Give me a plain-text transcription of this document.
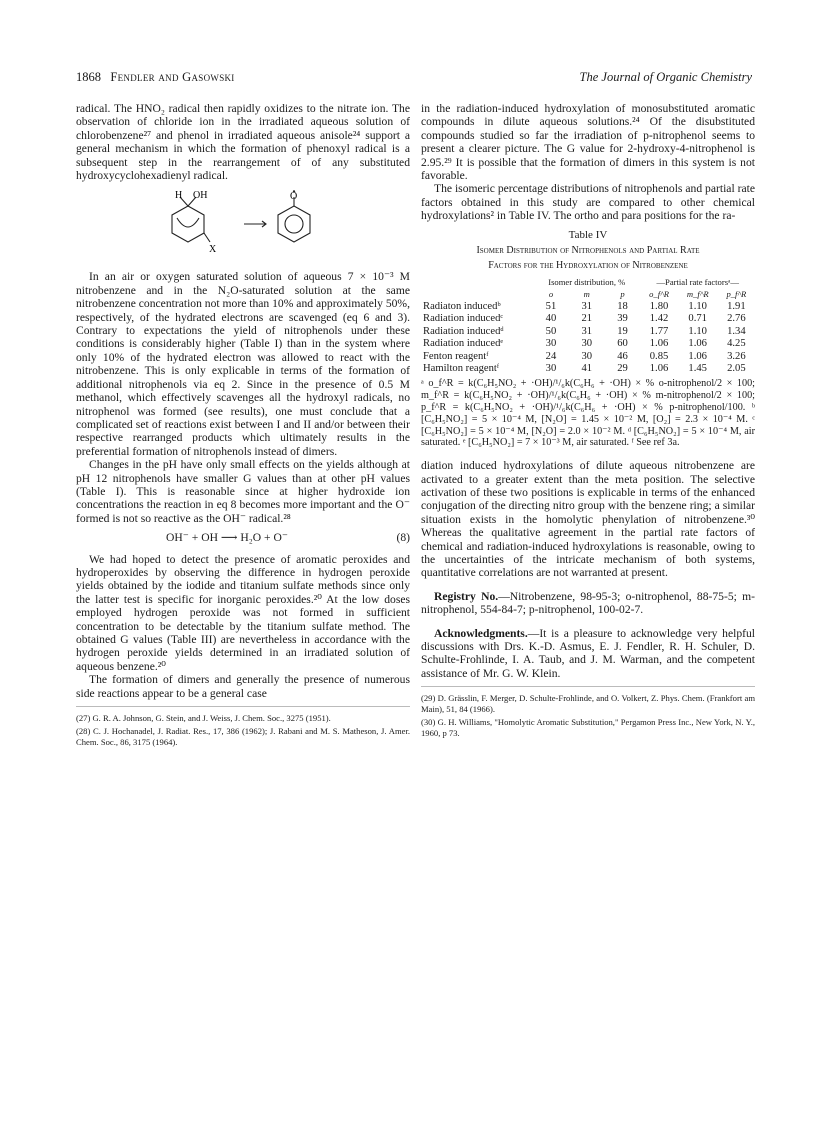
1868 Fendler and Gasowski	The Journal of Organic Chemistry

radical. The HNO₂ radical then rapidly oxidizes to the nitrate ion. The observation of chloride ion in the irradiated aqueous solution of chlorobenzene²⁷ and phenol in irradiated aqueous anisole²⁴ support a general mechanism in which the formation of phenoxyl radical is a subsequent step in the rearrangement of of any substituted hydroxycyclohexadienyl radical.

H OH
X
O

In an air or oxygen saturated solution of aqueous 7 × 10⁻³ M nitrobenzene and in the N₂O-saturated solution at the same nitrobenzene concentration not more than 10% and approximately 50%, respectively, of the hydrated electrons are scavenged (eq 6 and 3). Contrary to expectations the yield of nitrophenols under these conditions is considerably higher (Table I) than in the system where only 10% of the hydrated electron was allowed to react with the nitrobenzene. This is only explicable in terms of the formation of additional nitrophenols via eq 2. Since in the presence of 0.5 M methanol, which effectively scavenges all the hydroxyl radicals, no nitrophenol was formed (see results), one must conclude that a complicated set of reactions exist between I and II and/or between their respective rearranged products which ultimately results in the preferential formation of nitrophenols instead of dimers.

Changes in the pH have only small effects on the yields although at pH 12 nitrophenols have smaller G values than at other pH values (Table I). This is reasonable since at higher hydroxide ion concentrations the reaction in eq 8 becomes more important and the O⁻ formed is not so reactive as the OH⁻ radical.²⁸

OH⁻ + OH ⟶ H₂O + O⁻	(8)

We had hoped to detect the presence of aromatic peroxides and hydroperoxides by observing the difference in hydrogen peroxide yields obtained by the iodide and titanium sulfate methods since only the latter test is specific for inorganic peroxides.²⁰ At the low doses employed hydrogen peroxide was not formed in sufficient concentration to be detectable by the titanium sulfate method. The obtained G values (Table III) are nevertheless in accordance with the hydrogen peroxide yields determined in an irradiated solution of aqueous benzene.²⁰

The formation of dimers and generally the presence of numerous side reactions appear to be a general case

(27) G. R. A. Johnson, G. Stein, and J. Weiss, J. Chem. Soc., 3275 (1951).

(28) C. J. Hochanadel, J. Radiat. Res., 17, 386 (1962); J. Rabani and M. S. Matheson, J. Amer. Chem. Soc., 86, 3175 (1964).

in the radiation-induced hydroxylation of monosubstituted aromatic compounds in dilute aqueous solutions.²⁴ Of the disubstituted compounds studied so far the irradiation of p-nitrophenol seems to present a clearer picture. The G value for 2-hydroxy-4-nitrophenol is 2.95.²⁹ It is possible that the formation of dimers in this system is not favorable.

The isomeric percentage distributions of nitrophenols and partial rate factors obtained in this study are compared to other chemical hydroxylations² in Table IV. The ortho and para positions for the ra-

Table IV
Isomer Distribution of Nitrophenols and Partial Rate
Factors for the Hydroxylation of Nitrobenzene
	Isomer distribution, %			—Partial rate factorsᵃ—		
	o	m	p	o_f^R	m_f^R	p_f^R
Radiaton inducedᵇ	51	31	18	1.80	1.10	1.91
Radiation inducedᶜ	40	21	39	1.42	0.71	2.76
Radiation inducedᵈ	50	31	19	1.77	1.10	1.34
Radiation inducedᵉ	30	30	60	1.06	1.06	4.25
Fenton reagentᶠ	24	30	46	0.85	1.06	3.26
Hamilton reagentᶠ	30	41	29	1.06	1.45	2.05
ᵃ o_f^R = k(C₆H₅NO₂ + ·OH)/¹/₆k(C₆H₆ + ·OH) × % o-nitrophenol/2 × 100; m_f^R = k(C₆H₅NO₂ + ·OH)/¹/₆k(C₆H₆ + ·OH) × % m-nitrophenol/2 × 100; p_f^R = k(C₆H₅NO₂ + ·OH)/¹/₆k(C₆H₆ + ·OH) × % p-nitrophenol/100. ᵇ [C₆H₅NO₂] = 5 × 10⁻⁴ M, [N₂O] = 1.45 × 10⁻² M, [O₂] = 2.3 × 10⁻⁴ M. ᶜ [C₆H₅NO₂] = 5 × 10⁻⁴ M, [N₂O] = 2.0 × 10⁻² M. ᵈ [C₆H₅NO₂] = 5 × 10⁻⁴ M, air saturated. ᵉ [C₆H₅NO₂] = 7 × 10⁻³ M, air saturated. ᶠ See ref 3a.

diation induced hydroxylations of dilute aqueous nitrobenzene are activated to a greater extent than the meta position. The selective activation of these two positions is explicable in terms of the enhanced conjugation of the directing nitro group with the benzene ring; a similar situation exists in the homolytic phenylation of nitrobenzene.³⁰ Whereas the qualitative agreement in the partial rate factors of chemical and radiation-induced hydroxylations is reasonable, owing to the uncertainties of the intricate mechanism of both systems, quantitative correlations are not warranted at present.

Registry No.—Nitrobenzene, 98-95-3; o-nitrophenol, 88-75-5; m-nitrophenol, 554-84-7; p-nitrophenol, 100-02-7.

Acknowledgments.—It is a pleasure to acknowledge very helpful discussions with Drs. K.-D. Asmus, E. J. Fendler, R. H. Schuler, D. Schulte-Frohlinde, I. A. Taub, and J. M. Warman, and the competent assistance of Mr. G. W. Klein.

(29) D. Grässlin, F. Merger, D. Schulte-Frohlinde, and O. Volkert, Z. Phys. Chem. (Frankfort am Main), 51, 84 (1966).

(30) G. H. Williams, "Homolytic Aromatic Substitution," Pergamon Press Inc., New York, N. Y., 1960, p 73.
